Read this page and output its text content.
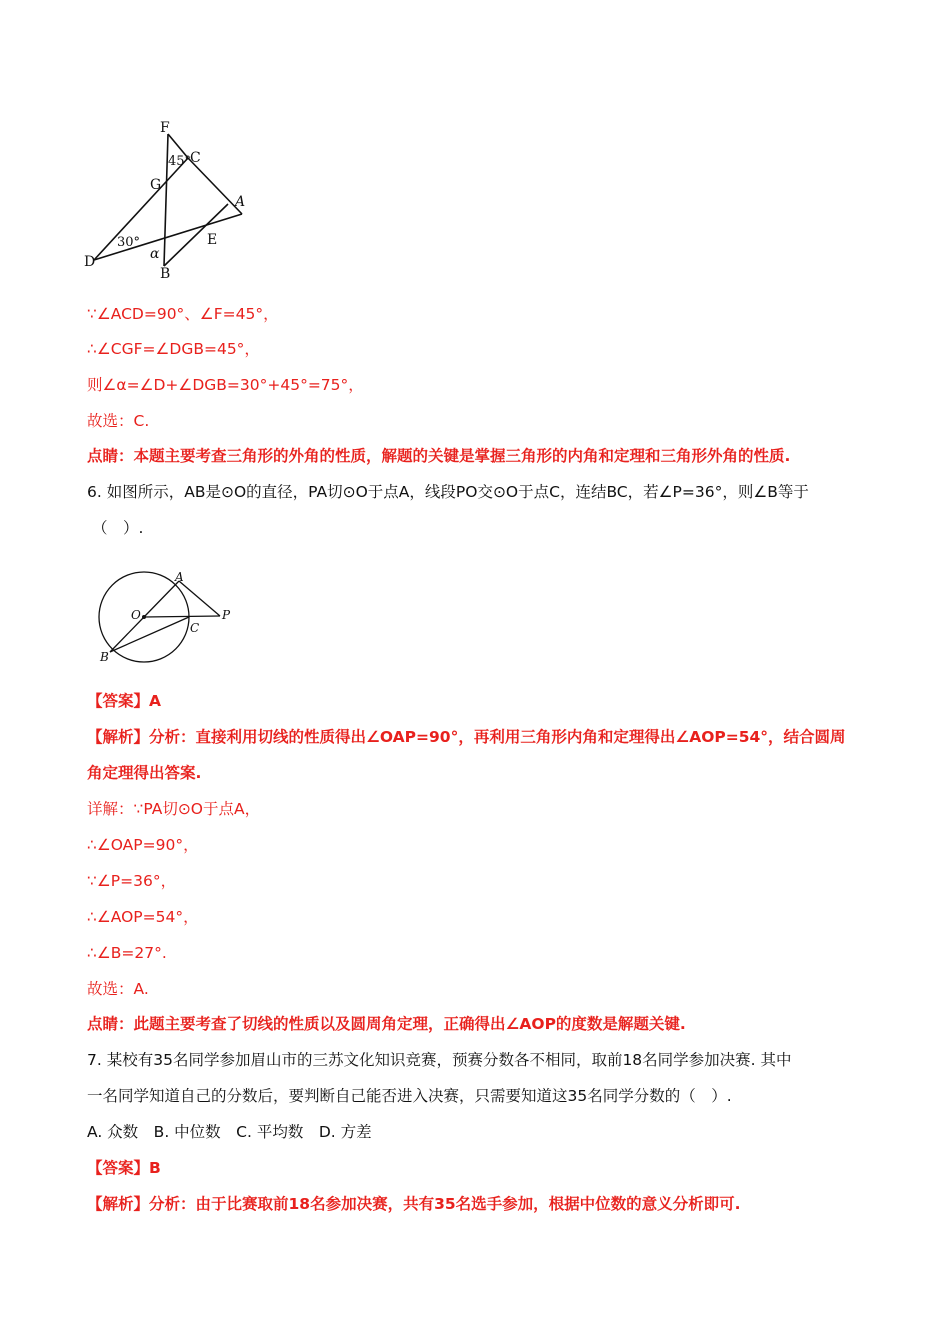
F
45°
C
G
A
30°	E
D	α
B
A
O	P
C
B
∵∠ACD=90°、∠F=45°，
∴∠CGF=∠DGB=45°，
则∠α=∠D+∠DGB=30°+45°=75°，
故选：C.
点睛：本题主要考查三角形的外角的性质，解题的关键是掌握三角形的内角和定理和三角形外角的性质.
6. 如图所示，AB是⊙O的直径，PA切⊙O于点A，线段PO交⊙O于点C，连结BC，若∠P=36°，则∠B等于
（　）.
【答案】A
【解析】分析：直接利用切线的性质得出∠OAP=90°，再利用三角形内角和定理得出∠AOP=54°，结合圆周
角定理得出答案.
详解：∵PA切⊙O于点A，
∴∠OAP=90°，
∵∠P=36°，
∴∠AOP=54°，
∴∠B=27°.
故选：A.
点睛：此题主要考查了切线的性质以及圆周角定理，正确得出∠AOP的度数是解题关键.
7. 某校有35名同学参加眉山市的三苏文化知识竞赛，预赛分数各不相同，取前18名同学参加决赛. 其中
一名同学知道自己的分数后，要判断自己能否进入决赛，只需要知道这35名同学分数的（　）.
A. 众数　B. 中位数　C. 平均数　D. 方差
【答案】B
【解析】分析：由于比赛取前18名参加决赛，共有35名选手参加，根据中位数的意义分析即可.
